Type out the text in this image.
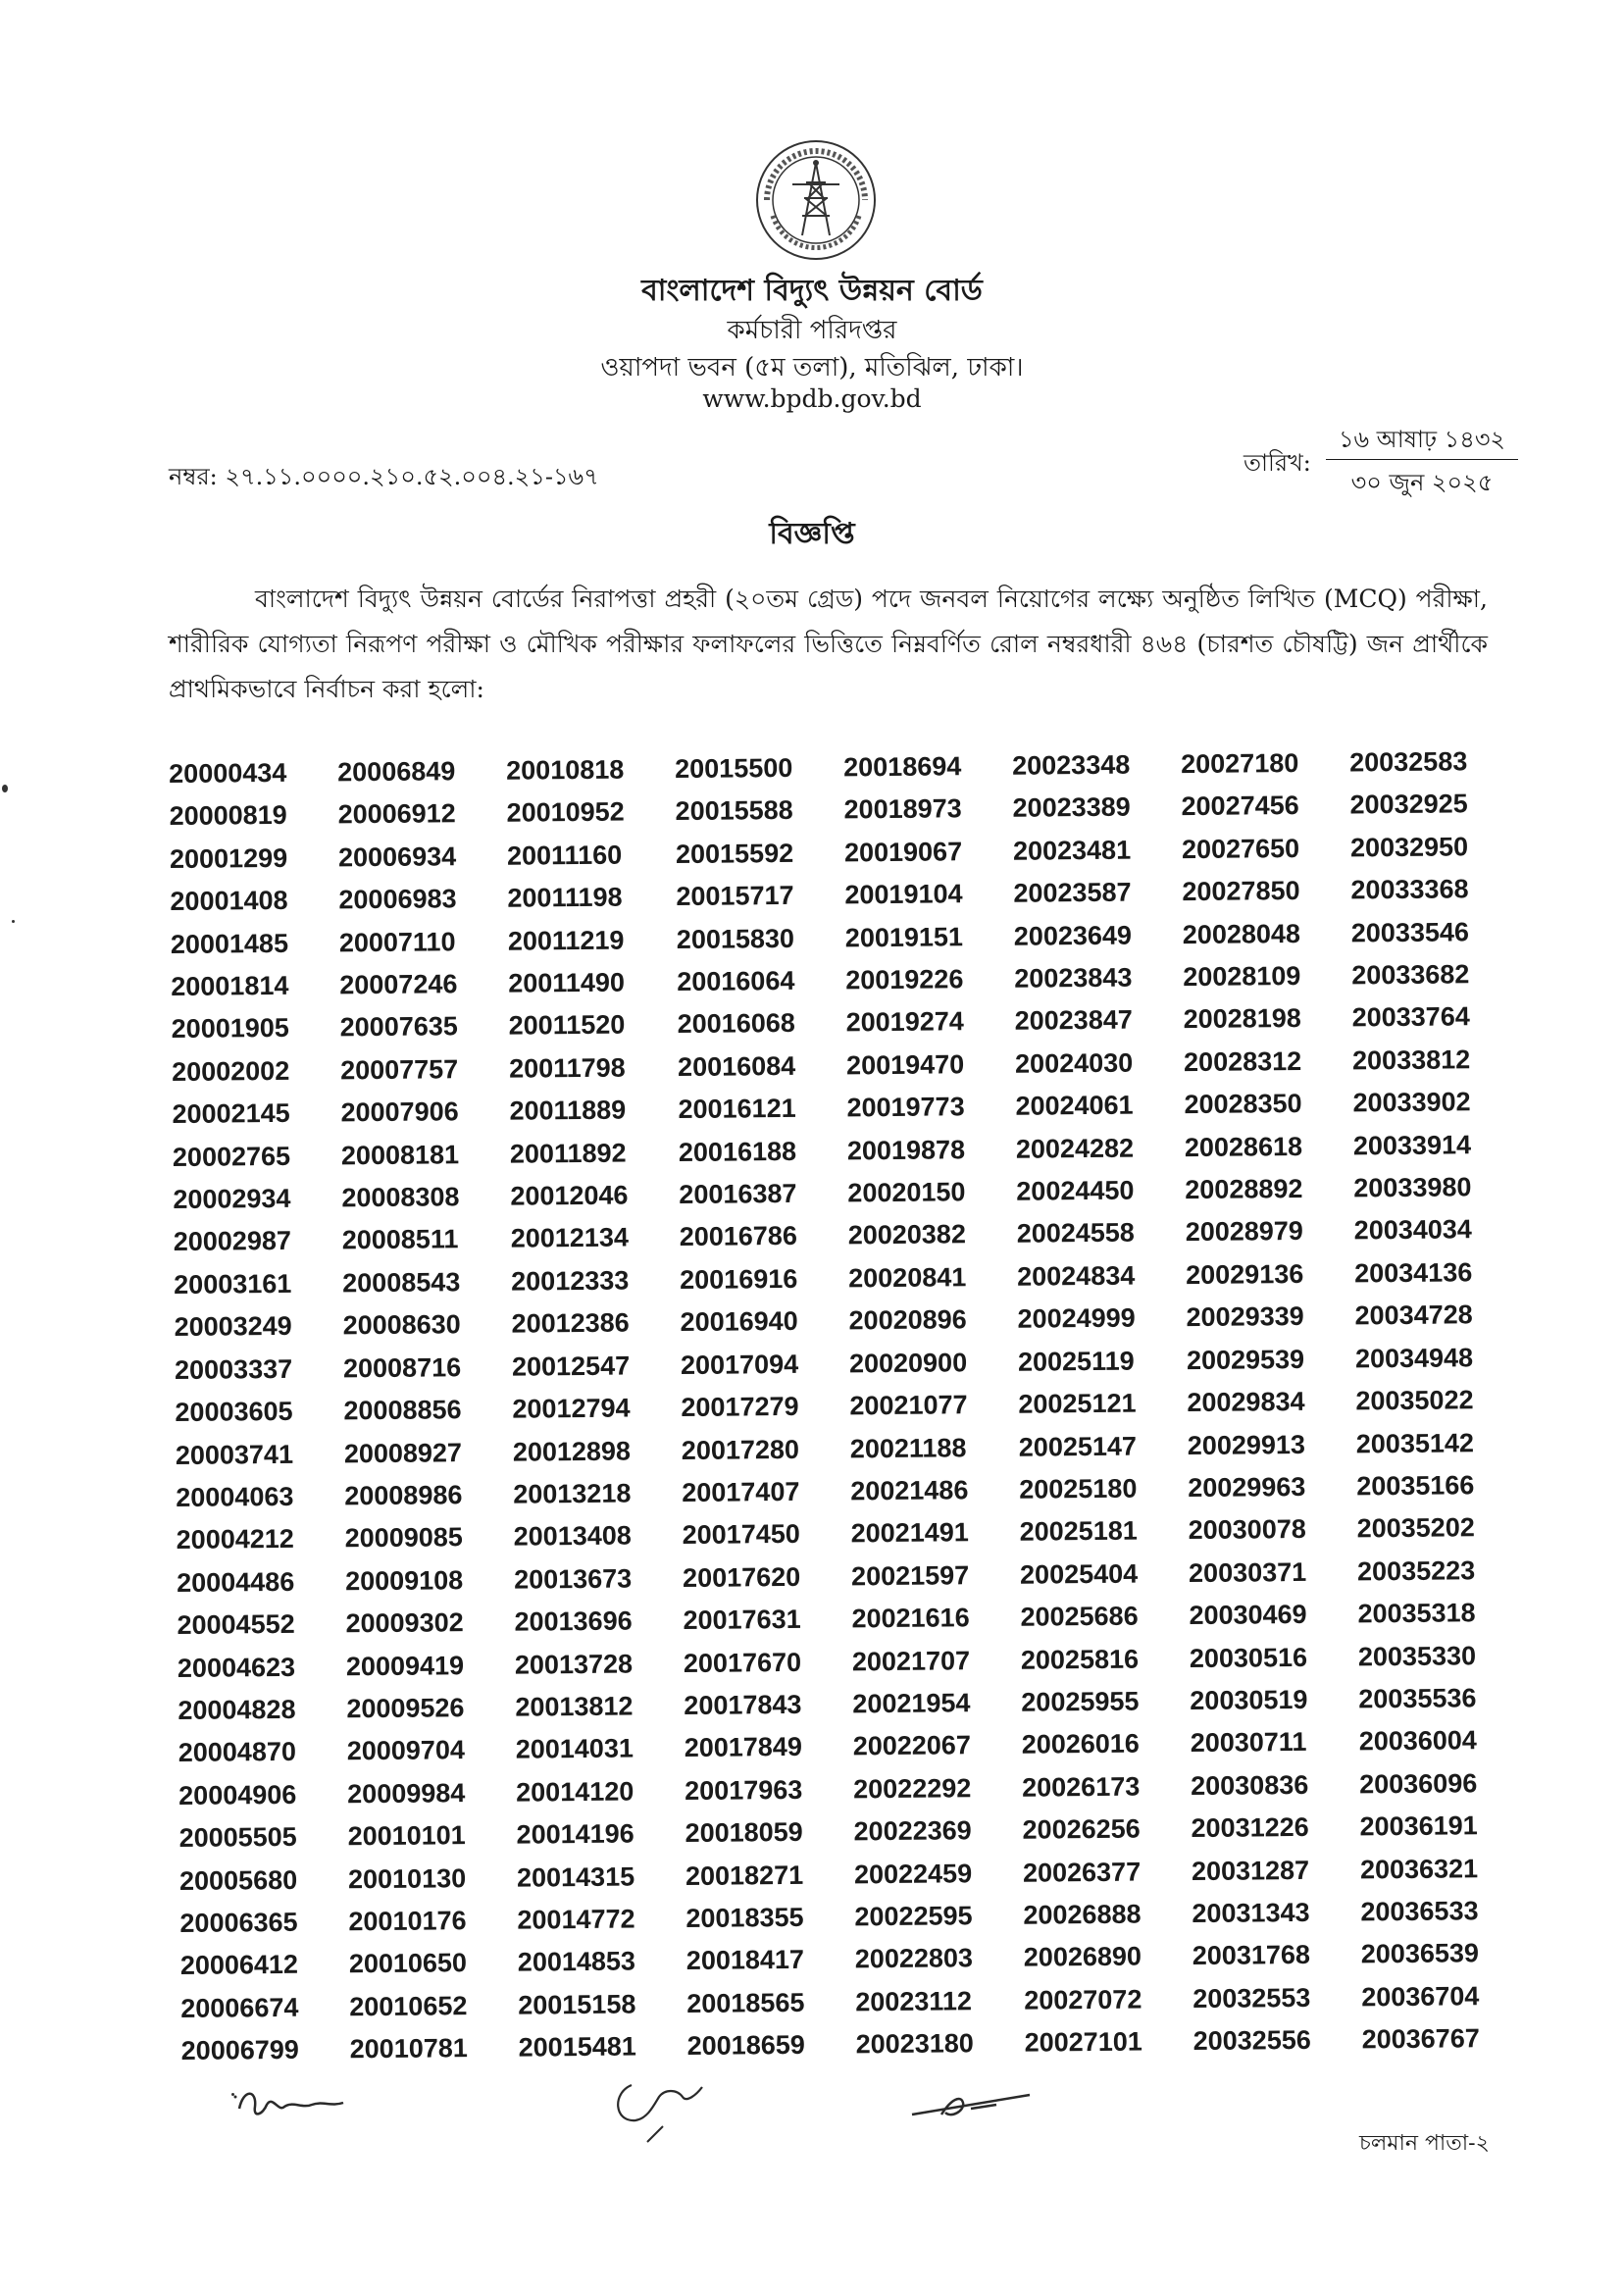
বাংলাদেশ বিদ্যুৎ উন্নয়ন বোর্ড
কর্মচারী পরিদপ্তর
ওয়াপদা ভবন (৫ম তলা), মতিঝিল, ঢাকা।
www.bpdb.gov.bd
নম্বর: ২৭.১১.০০০০.২১০.৫২.০০৪.২১-১৬৭	তারিখ:
১৬ আষাঢ় ১৪৩২
৩০ জুন ২০২৫
বিজ্ঞপ্তি

বাংলাদেশ বিদ্যুৎ উন্নয়ন বোর্ডের নিরাপত্তা প্রহরী (২০তম গ্রেড) পদে জনবল নিয়োগের লক্ষ্যে অনুষ্ঠিত লিখিত (MCQ) পরীক্ষা, শারীরিক যোগ্যতা নিরূপণ পরীক্ষা ও মৌখিক পরীক্ষার ফলাফলের ভিত্তিতে নিম্নবর্ণিত রোল নম্বরধারী ৪৬৪ (চারশত চৌষট্টি) জন প্রার্থীকে প্রাথমিকভাবে নির্বাচন করা হলো:

20000434	20006849	20010818	20015500	20018694	20023348	20027180	20032583
20000819	20006912	20010952	20015588	20018973	20023389	20027456	20032925
20001299	20006934	20011160	20015592	20019067	20023481	20027650	20032950
20001408	20006983	20011198	20015717	20019104	20023587	20027850	20033368
20001485	20007110	20011219	20015830	20019151	20023649	20028048	20033546
20001814	20007246	20011490	20016064	20019226	20023843	20028109	20033682
20001905	20007635	20011520	20016068	20019274	20023847	20028198	20033764
20002002	20007757	20011798	20016084	20019470	20024030	20028312	20033812
20002145	20007906	20011889	20016121	20019773	20024061	20028350	20033902
20002765	20008181	20011892	20016188	20019878	20024282	20028618	20033914
20002934	20008308	20012046	20016387	20020150	20024450	20028892	20033980
20002987	20008511	20012134	20016786	20020382	20024558	20028979	20034034
20003161	20008543	20012333	20016916	20020841	20024834	20029136	20034136
20003249	20008630	20012386	20016940	20020896	20024999	20029339	20034728
20003337	20008716	20012547	20017094	20020900	20025119	20029539	20034948
20003605	20008856	20012794	20017279	20021077	20025121	20029834	20035022
20003741	20008927	20012898	20017280	20021188	20025147	20029913	20035142
20004063	20008986	20013218	20017407	20021486	20025180	20029963	20035166
20004212	20009085	20013408	20017450	20021491	20025181	20030078	20035202
20004486	20009108	20013673	20017620	20021597	20025404	20030371	20035223
20004552	20009302	20013696	20017631	20021616	20025686	20030469	20035318
20004623	20009419	20013728	20017670	20021707	20025816	20030516	20035330
20004828	20009526	20013812	20017843	20021954	20025955	20030519	20035536
20004870	20009704	20014031	20017849	20022067	20026016	20030711	20036004
20004906	20009984	20014120	20017963	20022292	20026173	20030836	20036096
20005505	20010101	20014196	20018059	20022369	20026256	20031226	20036191
20005680	20010130	20014315	20018271	20022459	20026377	20031287	20036321
20006365	20010176	20014772	20018355	20022595	20026888	20031343	20036533
20006412	20010650	20014853	20018417	20022803	20026890	20031768	20036539
20006674	20010652	20015158	20018565	20023112	20027072	20032553	20036704
20006799	20010781	20015481	20018659	20023180	20027101	20032556	20036767
চলমান পাতা-২
